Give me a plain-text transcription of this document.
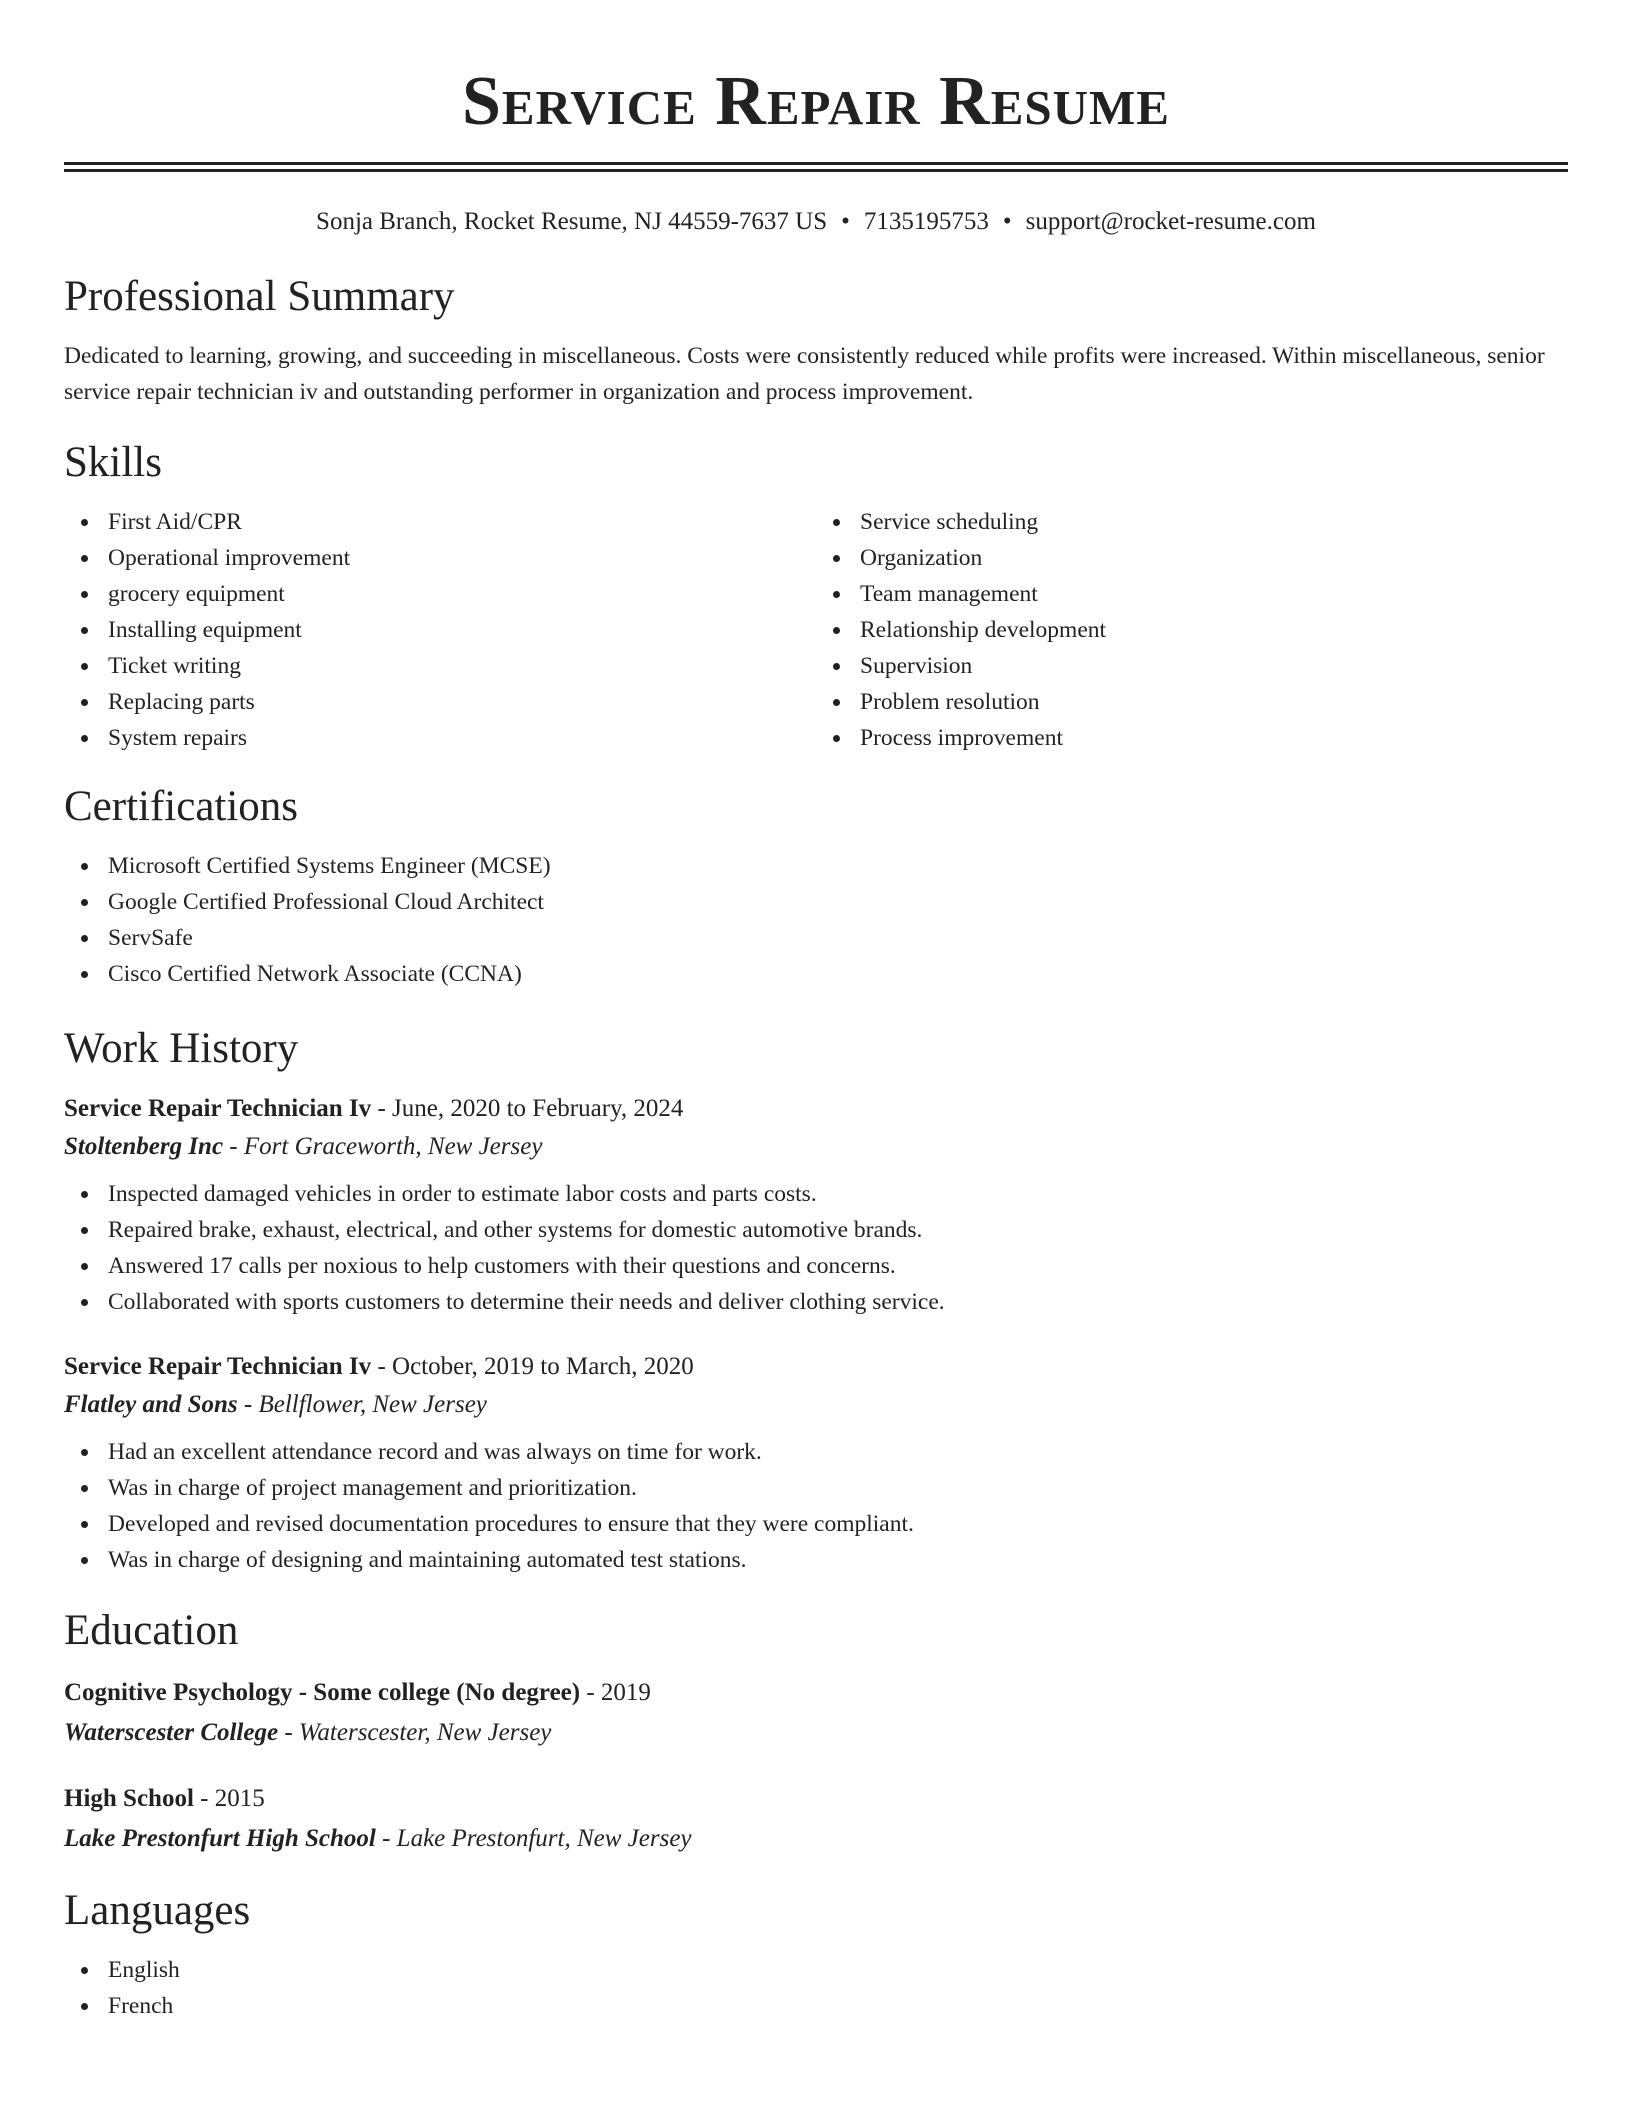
Service Repair Resume
Sonja Branch, Rocket Resume, NJ 44559-7637 US • 7135195753 • support@rocket-resume.com
Professional Summary
Dedicated to learning, growing, and succeeding in miscellaneous. Costs were consistently reduced while profits were increased. Within miscellaneous, senior service repair technician iv and outstanding performer in organization and process improvement.
Skills
First Aid/CPR
Operational improvement
grocery equipment
Installing equipment
Ticket writing
Replacing parts
System repairs
Service scheduling
Organization
Team management
Relationship development
Supervision
Problem resolution
Process improvement
Certifications
Microsoft Certified Systems Engineer (MCSE)
Google Certified Professional Cloud Architect
ServSafe
Cisco Certified Network Associate (CCNA)
Work History
Service Repair Technician Iv - June, 2020 to February, 2024
Stoltenberg Inc - Fort Graceworth, New Jersey
Inspected damaged vehicles in order to estimate labor costs and parts costs.
Repaired brake, exhaust, electrical, and other systems for domestic automotive brands.
Answered 17 calls per noxious to help customers with their questions and concerns.
Collaborated with sports customers to determine their needs and deliver clothing service.
Service Repair Technician Iv - October, 2019 to March, 2020
Flatley and Sons - Bellflower, New Jersey
Had an excellent attendance record and was always on time for work.
Was in charge of project management and prioritization.
Developed and revised documentation procedures to ensure that they were compliant.
Was in charge of designing and maintaining automated test stations.
Education
Cognitive Psychology - Some college (No degree) - 2019
Waterscester College - Waterscester, New Jersey
High School - 2015
Lake Prestonfurt High School - Lake Prestonfurt, New Jersey
Languages
English
French
